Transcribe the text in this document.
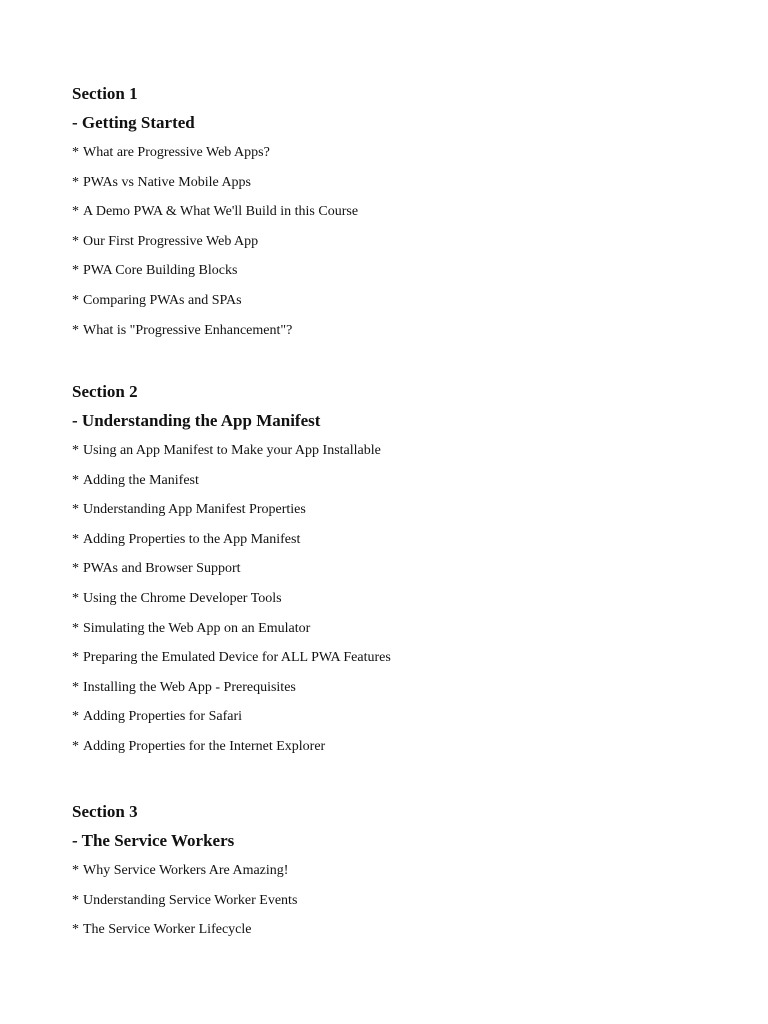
Section 1

- Getting Started

* What are Progressive Web Apps?
* PWAs vs Native Mobile Apps
* A Demo PWA & What We'll Build in this Course
* Our First Progressive Web App
* PWA Core Building Blocks
* Comparing PWAs and SPAs
* What is "Progressive Enhancement"?

Section 2

- Understanding the App Manifest

* Using an App Manifest to Make your App Installable
* Adding the Manifest
* Understanding App Manifest Properties
* Adding Properties to the App Manifest
* PWAs and Browser Support
* Using the Chrome Developer Tools
* Simulating the Web App on an Emulator
* Preparing the Emulated Device for ALL PWA Features
* Installing the Web App - Prerequisites
* Adding Properties for Safari
* Adding Properties for the Internet Explorer

Section 3

- The Service Workers

* Why Service Workers Are Amazing!
* Understanding Service Worker Events
* The Service Worker Lifecycle
